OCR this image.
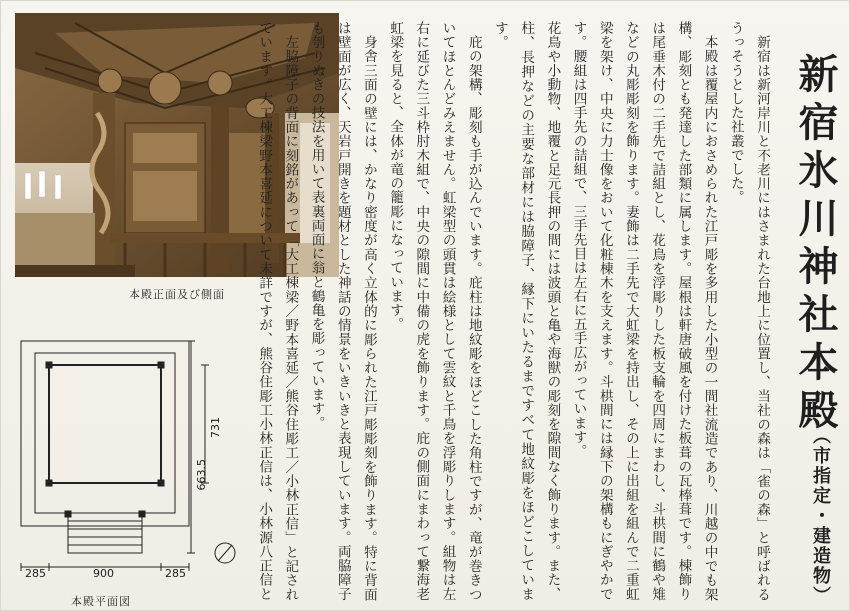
本殿正面及び側面
285	900	285
731
663.5
本殿平面図

新宿は新河岸川と不老川にはさまれた台地上に位置し、当社の森は「雀の森」と呼ばれるうっそうとした社叢でした。

本殿は覆屋内におさめられた江戸彫を多用した小型の一間社流造であり、川越の中でも架構、彫刻とも発達した部類に属します。屋根は軒唐破風を付けた板葺の瓦棒葺です。棟飾りは尾垂木付の二手先で詰組とし、花鳥を浮彫りした板支輪を四周にまわし、斗栱間に鶴や雉などの丸彫彫刻を飾ります。妻飾は二手先で大虹梁を持出し、その上に出組を組んで二重虹梁を架け、中央に力士像をおいて化粧棟木を支えます。斗栱間には縁下の架構もにぎやかです。腰組は四手先の詰組で、三手先目は左右に五手広がっています。

花鳥や小動物、地覆と足元長押の間には波頭と亀や海獣の彫刻を隙間なく飾ります。また、柱、長押などの主要な部材には脇障子、縁下にいたるまですべて地紋彫をほどこしています。

庇の架構、彫刻も手が込んでいます。庇柱は地紋彫をほどこした角柱ですが、竜が巻きついてほとんどみえません。虹梁型の頭貫は絵様として雲紋と千鳥を浮彫りします。組物は左右に延びた三斗枠肘木組で、中央の隙間に中備の虎を飾ります。庇の側面にまわって繋海老虹梁を見ると、全体が竜の籠彫になっています。

身舎三面の壁には、かなり密度が高く立体的に彫られた江戸彫彫刻を飾ります。特に背面は壁面が広く、天岩戸開きを題材とした神話の情景をいきいきと表現しています。両脇障子も刳りぬきの技法を用いて表裏両面に翁と鶴亀を彫っています。

左脇障子の背面に刻銘があって「大工棟梁／野本喜延／熊谷住彫工／小林正信」と記されています。大工棟梁野本喜延について未詳ですが、熊谷住彫工小林正信は、小林源八正信と

新宿氷川神社本殿
（市指定・建造物）
